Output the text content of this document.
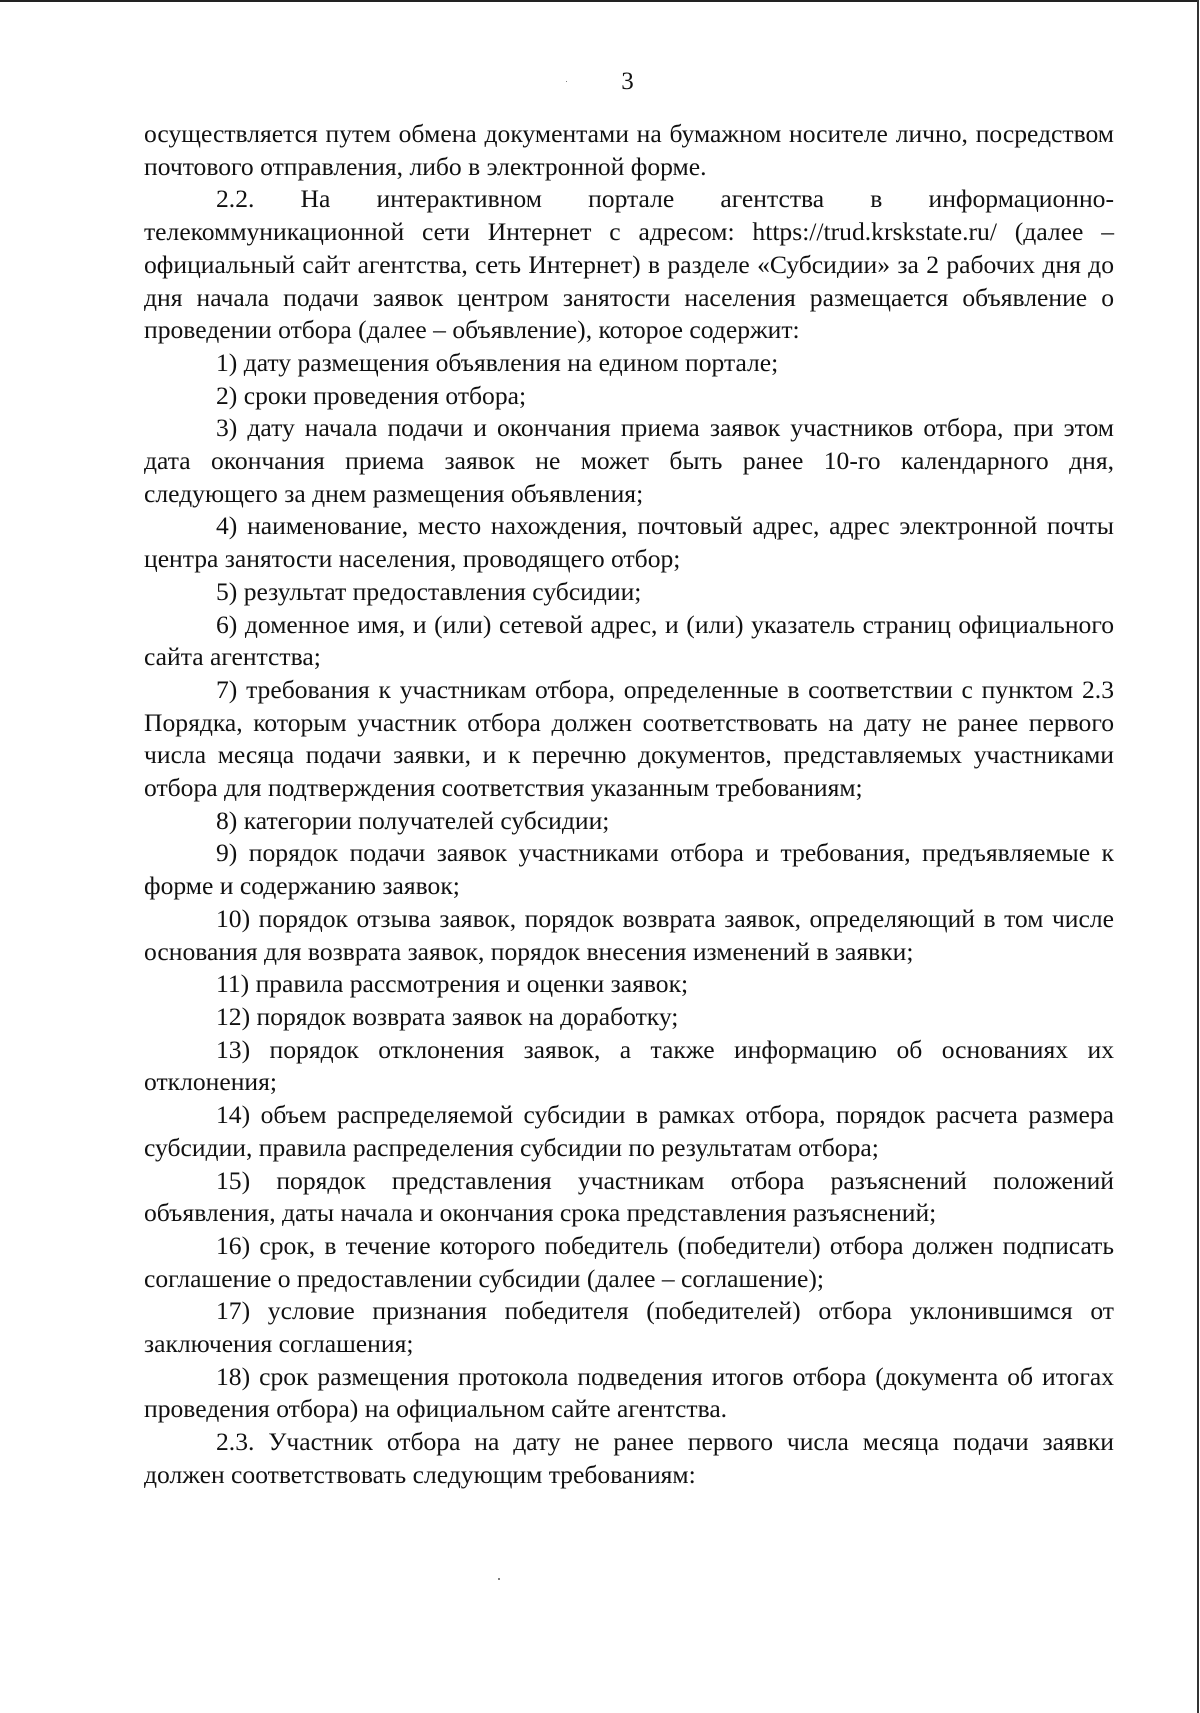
3

осуществляется путем обмена документами на бумажном носителе лично, посредством почтового отправления, либо в электронной форме.

2.2. На интерактивном портале агентства в информационно-телекоммуникационной сети Интернет с адресом: https://trud.krskstate.ru/ (далее – официальный сайт агентства, сеть Интернет) в разделе «Субсидии» за 2 рабочих дня до дня начала подачи заявок центром занятости населения размещается объявление о проведении отбора (далее – объявление), которое содержит:

1) дату размещения объявления на едином портале;

2) сроки проведения отбора;

3) дату начала подачи и окончания приема заявок участников отбора, при этом дата окончания приема заявок не может быть ранее 10-го календарного дня, следующего за днем размещения объявления;

4) наименование, место нахождения, почтовый адрес, адрес электронной почты центра занятости населения, проводящего отбор;

5) результат предоставления субсидии;

6) доменное имя, и (или) сетевой адрес, и (или) указатель страниц официального сайта агентства;

7) требования к участникам отбора, определенные в соответствии с пунктом 2.3 Порядка, которым участник отбора должен соответствовать на дату не ранее первого числа месяца подачи заявки, и к перечню документов, представляемых участниками отбора для подтверждения соответствия указанным требованиям;

8) категории получателей субсидии;

9) порядок подачи заявок участниками отбора и требования, предъявляемые к форме и содержанию заявок;

10) порядок отзыва заявок, порядок возврата заявок, определяющий в том числе основания для возврата заявок, порядок внесения изменений в заявки;

11) правила рассмотрения и оценки заявок;

12) порядок возврата заявок на доработку;

13) порядок отклонения заявок, а также информацию об основаниях их отклонения;

14) объем распределяемой субсидии в рамках отбора, порядок расчета размера субсидии, правила распределения субсидии по результатам отбора;

15) порядок представления участникам отбора разъяснений положений объявления, даты начала и окончания срока представления разъяснений;

16) срок, в течение которого победитель (победители) отбора должен подписать соглашение о предоставлении субсидии (далее – соглашение);

17) условие признания победителя (победителей) отбора уклонившимся от заключения соглашения;

18) срок размещения протокола подведения итогов отбора (документа об итогах проведения отбора) на официальном сайте агентства.

2.3. Участник отбора на дату не ранее первого числа месяца подачи заявки должен соответствовать следующим требованиям:
